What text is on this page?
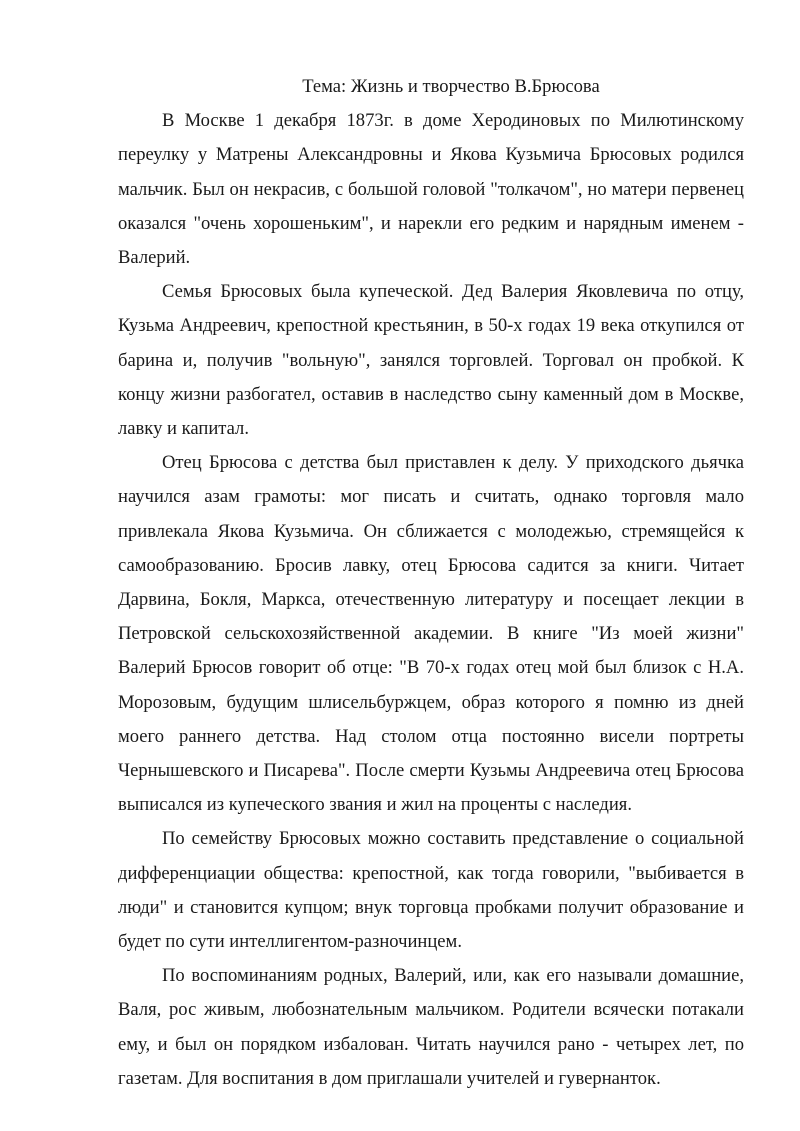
Тема: Жизнь и творчество В.Брюсова

В Москве 1 декабря 1873г. в доме Херодиновых по Милютинскому переулку у Матрены Александровны и Якова Кузьмича Брюсовых родился мальчик. Был он некрасив, с большой головой "толкачом", но матери первенец оказался "очень хорошеньким", и нарекли его редким и нарядным именем - Валерий.

Семья Брюсовых была купеческой. Дед Валерия Яковлевича по отцу, Кузьма Андреевич, крепостной крестьянин, в 50-х годах 19 века откупился от барина и, получив "вольную", занялся торговлей. Торговал он пробкой. К концу жизни разбогател, оставив в наследство сыну каменный дом в Москве, лавку и капитал.

Отец Брюсова с детства был приставлен к делу. У приходского дьячка научился азам грамоты: мог писать и считать, однако торговля мало привлекала Якова Кузьмича. Он сближается с молодежью, стремящейся к самообразованию. Бросив лавку, отец Брюсова садится за книги. Читает Дарвина, Бокля, Маркса, отечественную литературу и посещает лекции в Петровской сельскохозяйственной академии. В книге "Из моей жизни" Валерий Брюсов говорит об отце: "В 70-х годах отец мой был близок с Н.А. Морозовым, будущим шлисельбуржцем, образ которого я помню из дней моего раннего детства. Над столом отца постоянно висели портреты Чернышевского и Писарева". После смерти Кузьмы Андреевича отец Брюсова выписался из купеческого звания и жил на проценты с наследия.

По семейству Брюсовых можно составить представление о социальной дифференциации общества: крепостной, как тогда говорили, "выбивается в люди" и становится купцом; внук торговца пробками получит образование и будет по сути интеллигентом-разночинцем.

По воспоминаниям родных, Валерий, или, как его называли домашние, Валя, рос живым, любознательным мальчиком. Родители всячески потакали ему, и был он порядком избалован. Читать научился рано - четырех лет, по газетам. Для воспитания в дом приглашали учителей и гувернанток.
